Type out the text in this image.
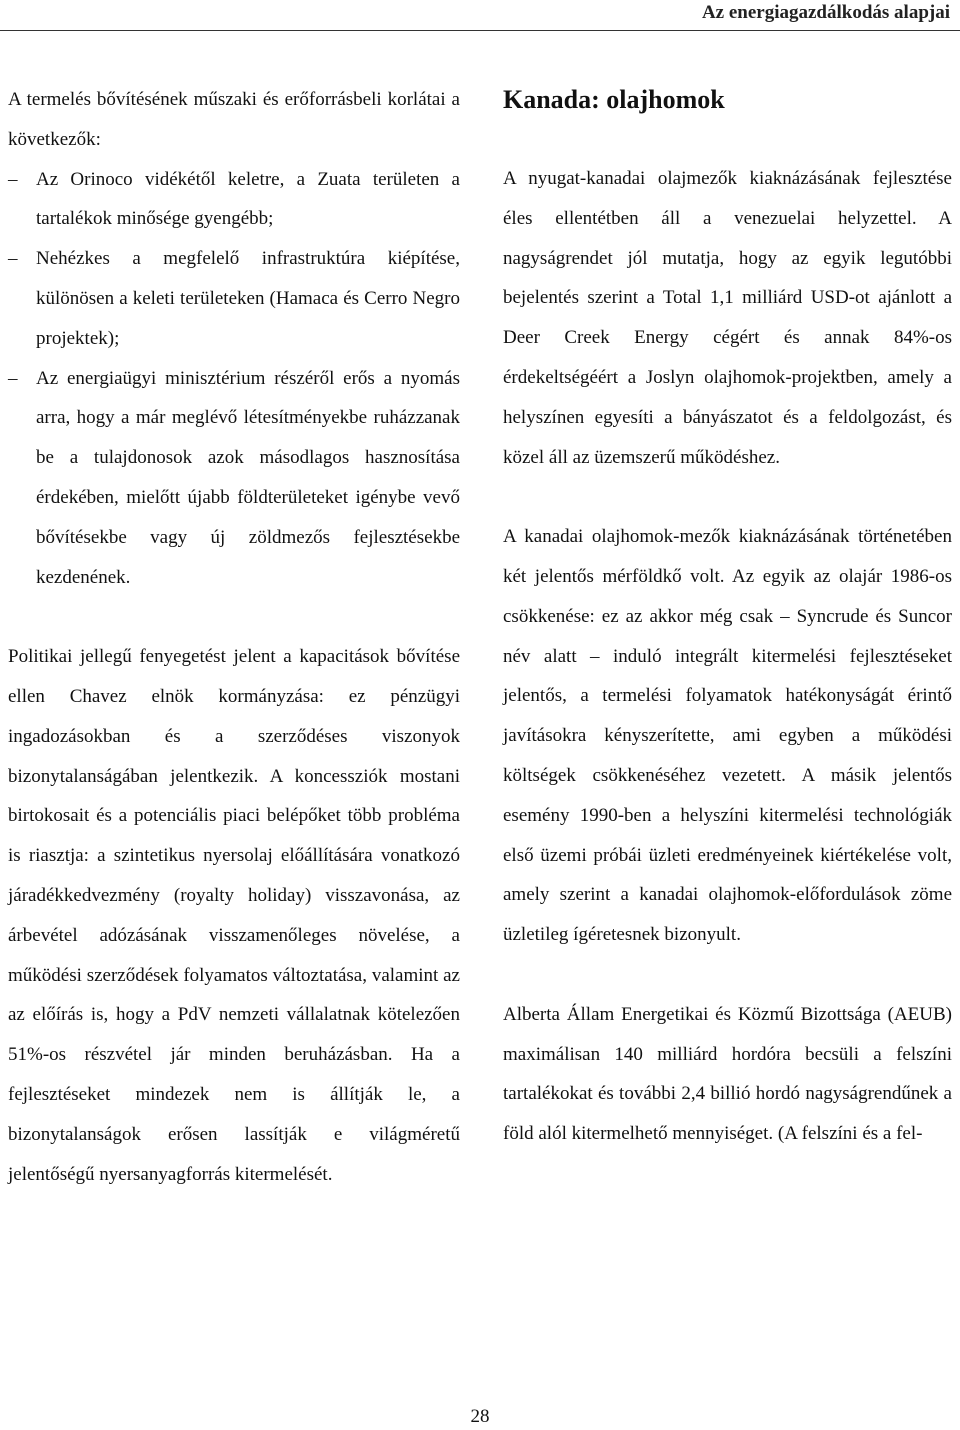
Az energiagazdálkodás alapjai

A termelés bővítésének műszaki és erőforrásbeli korlátai a következők:

– Az Orinoco vidékétől keletre, a Zuata területen a tartalékok minősége gyengébb;
– Nehézkes a megfelelő infrastruktúra kiépítése, különösen a keleti területeken (Hamaca és Cerro Negro projektek);
– Az energiaügyi minisztérium részéről erős a nyomás arra, hogy a már meglévő létesítményekbe ruházzanak be a tulajdonosok azok másodlagos hasznosítása érdekében, mielőtt újabb földterületeket igénybe vevő bővítésekbe vagy új zöldmezős fejlesztésekbe kezdenének.

Politikai jellegű fenyegetést jelent a kapacitások bővítése ellen Chavez elnök kormányzása: ez pénzügyi ingadozásokban és a szerződéses viszonyok bizonytalanságában jelentkezik. A koncessziók mostani birtokosait és a potenciális piaci belépőket több probléma is riasztja: a szintetikus nyersolaj előállítására vonatkozó járadékkedvezmény (royalty holiday) visszavonása, az árbevétel adózásának visszamenőleges növelése, a működési szerződések folyamatos változtatása, valamint az az előírás is, hogy a PdV nemzeti vállalatnak kötelezően 51%-os részvétel jár minden beruházásban. Ha a fejlesztéseket mindezek nem is állítják le, a bizonytalanságok erősen lassítják e világméretű jelentőségű nyersanyagforrás kitermelését.

Kanada: olajhomok

A nyugat-kanadai olajmezők kiaknázásának fejlesztése éles ellentétben áll a venezuelai helyzettel. A nagyságrendet jól mutatja, hogy az egyik legutóbbi bejelentés szerint a Total 1,1 milliárd USD-ot ajánlott a Deer Creek Energy cégért és annak 84%-os érdekeltségéért a Joslyn olajhomok-projektben, amely a helyszínen egyesíti a bányászatot és a feldolgozást, és közel áll az üzemszerű működéshez.

A kanadai olajhomok-mezők kiaknázásának történetében két jelentős mérföldkő volt. Az egyik az olajár 1986-os csökkenése: ez az akkor még csak – Syncrude és Suncor név alatt – induló integrált kitermelési fejlesztéseket jelentős, a termelési folyamatok hatékonyságát érintő javításokra kényszerítette, ami egyben a működési költségek csökkenéséhez vezetett. A másik jelentős esemény 1990-ben a helyszíni kitermelési technológiák első üzemi próbái üzleti eredményeinek kiértékelése volt, amely szerint a kanadai olajhomok-előfordulások zöme üzletileg ígéretesnek bizonyult.

Alberta Állam Energetikai és Közmű Bizottsága (AEUB) maximálisan 140 milliárd hordóra becsüli a felszíni tartalékokat és további 2,4 billió hordó nagyságrendűnek a föld alól kitermelhető mennyiséget. (A felszíni és a fel-

28
